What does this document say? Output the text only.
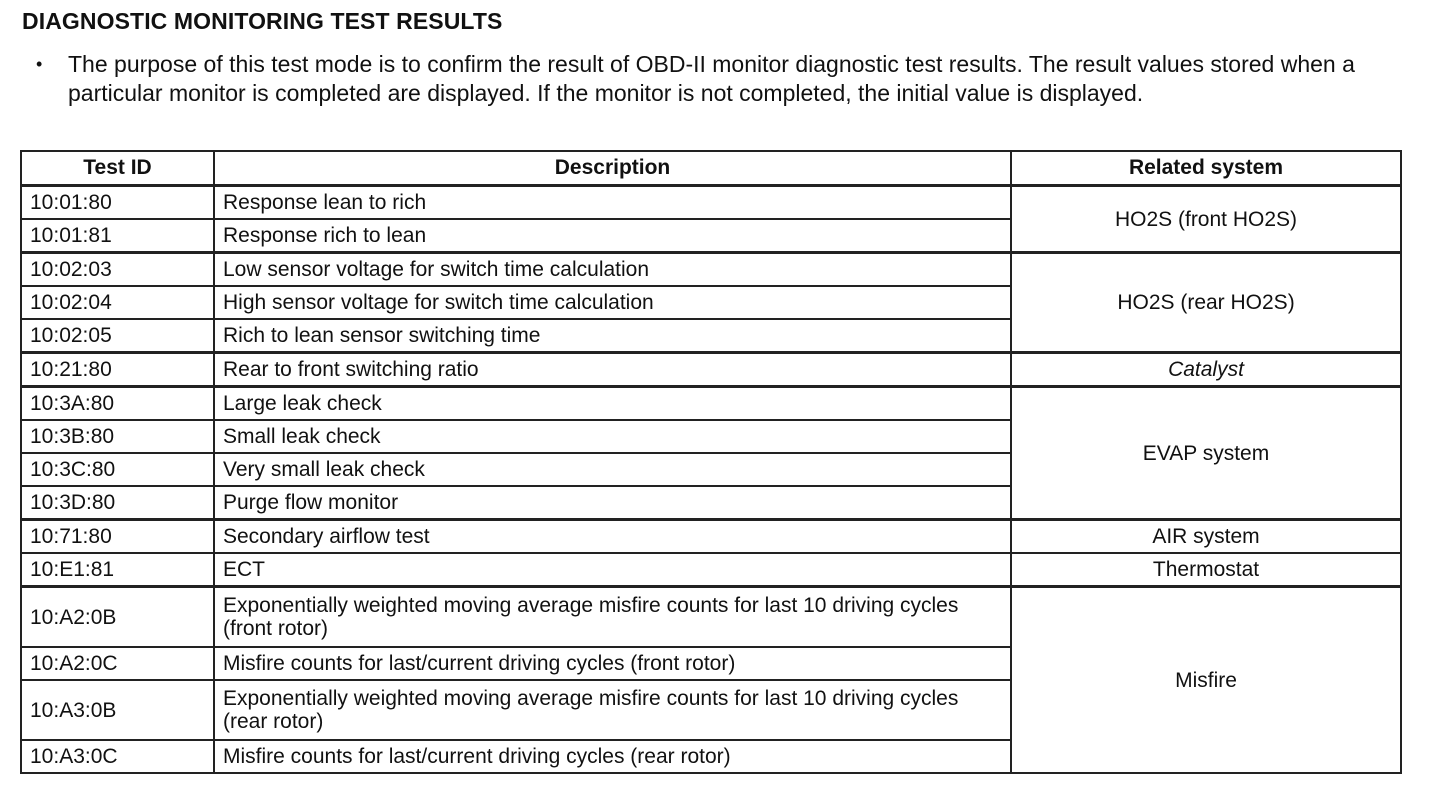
DIAGNOSTIC MONITORING TEST RESULTS
•	The purpose of this test mode is to confirm the result of OBD-II monitor diagnostic test results. The result values stored when a particular monitor is completed are displayed. If the monitor is not completed, the initial value is displayed.
Test ID	Description	Related system
10:01:80	Response lean to rich	HO2S (front HO2S)
10:01:81	Response rich to lean	
10:02:03	Low sensor voltage for switch time calculation	HO2S (rear HO2S)
10:02:04	High sensor voltage for switch time calculation	
10:02:05	Rich to lean sensor switching time	
10:21:80	Rear to front switching ratio	Catalyst
10:3A:80	Large leak check	EVAP system
10:3B:80	Small leak check	
10:3C:80	Very small leak check	
10:3D:80	Purge flow monitor	
10:71:80	Secondary airflow test	AIR system
10:E1:81	ECT	Thermostat
10:A2:0B	Exponentially weighted moving average misfire counts for last 10 driving cycles (front rotor)	Misfire
10:A2:0C	Misfire counts for last/current driving cycles (front rotor)	
10:A3:0B	Exponentially weighted moving average misfire counts for last 10 driving cycles (rear rotor)	
10:A3:0C	Misfire counts for last/current driving cycles (rear rotor)	
